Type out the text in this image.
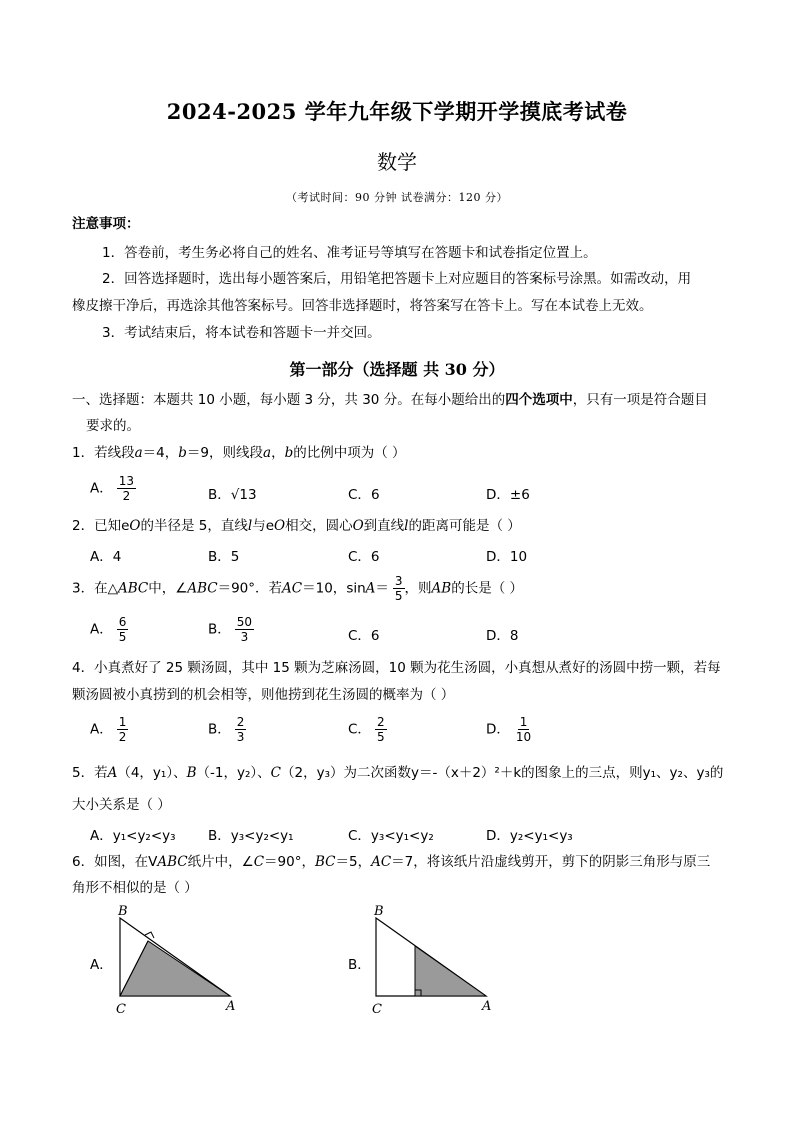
2024-2025 学年九年级下学期开学摸底考试卷
数学
（考试时间：90 分钟 试卷满分：120 分）
注意事项：
1．答卷前，考生务必将自己的姓名、准考证号等填写在答题卡和试卷指定位置上。
2．回答选择题时，选出每小题答案后，用铅笔把答题卡上对应题目的答案标号涂黑。如需改动，用
橡皮擦干净后，再选涂其他答案标号。回答非选择题时，将答案写在答卡上。写在本试卷上无效。
3．考试结束后，将本试卷和答题卡一并交回。
第一部分（选择题 共 30 分）
一、选择题：本题共 10 小题，每小题 3 分，共 30 分。在每小题给出的四个选项中，只有一项是符合题目
要求的。
1．若线段a＝4，b＝9，则线段a，b的比例中项为（ ）
A． $\frac{13}{2}$	B．√13	C．6	D．±6
2．已知eO的半径是 5，直线l与eO相交，圆心O到直线l的距离可能是（ ）
A．4	B．5	C．6	D．10
3．在△ABC中，∠ABC＝90°．若AC＝10，$\sin A= \frac{3}{5}$ ，则AB的长是（ ）
A． $\frac{6}{5}$	B． $\frac{50}{3}$	C．6	D．8
4．小真煮好了 25 颗汤圆，其中 15 颗为芝麻汤圆，10 颗为花生汤圆，小真想从煮好的汤圆中捞一颗，若每
颗汤圆被小真捞到的机会相等，则他捞到花生汤圆的概率为（ ）
A． $\frac{1}{2}$	B． $\frac{2}{3}$	C． $\frac{2}{5}$	D． $\frac{1}{10}$
5．若A（4，y₁）、B（-1，y₂）、C（2，y₃）为二次函数y＝-（x＋2）²＋k的图象上的三点，则y₁、y₂、y₃的
大小关系是（ ）
A．y₁<y₂<y₃ B．y₃<y₂<y₁	C．y₃<y₁<y₂	D．y₂<y₁<y₃
6．如图，在VABC纸片中，∠C＝90°，BC＝5，AC＝7，将该纸片沿虚线剪开，剪下的阴影三角形与原三
角形不相似的是（ ）
A．
B
C	A
B．
B
C	A
